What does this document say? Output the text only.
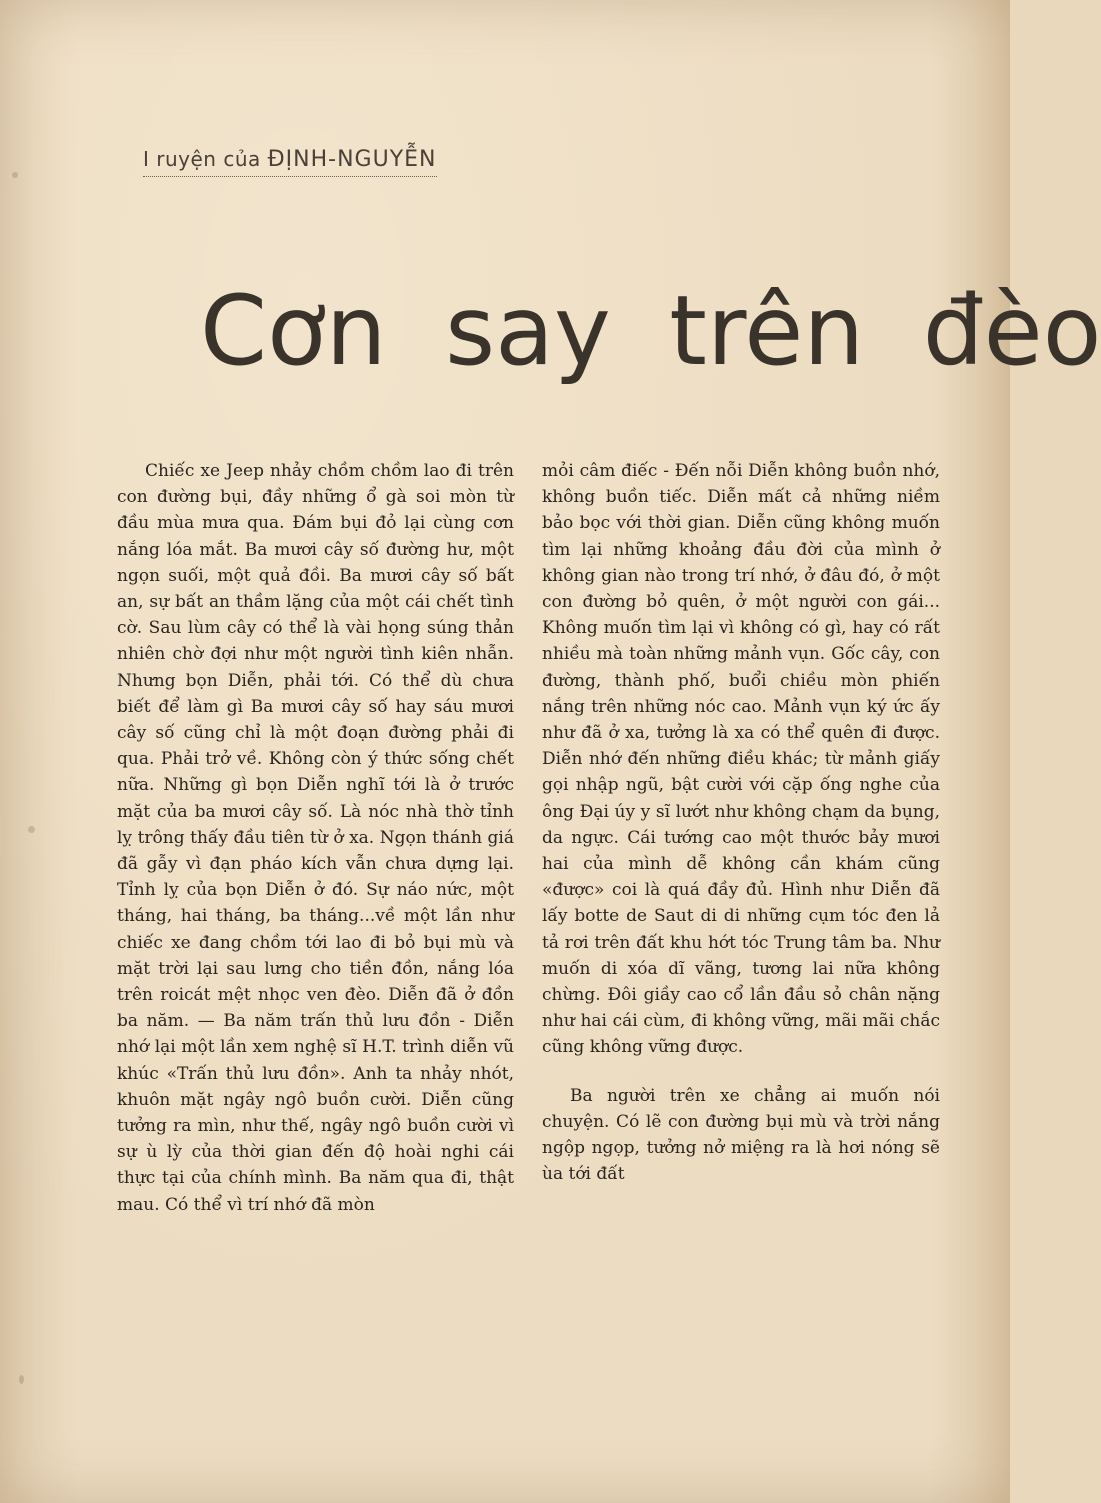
I ruyện của ĐỊNH-NGUYỄN
Cơn say trên đèo

Chiếc xe Jeep nhảy chồm chồm lao đi trên con đường bụi, đầy những ổ gà soi mòn từ đầu mùa mưa qua. Đám bụi đỏ lại cùng cơn nắng lóa mắt. Ba mươi cây số đường hư, một ngọn suối, một quả đồi. Ba mươi cây số bất an, sự bất an thầm lặng của một cái chết tình cờ. Sau lùm cây có thể là vài họng súng thản nhiên chờ đợi như một người tình kiên nhẫn. Nhưng bọn Diễn, phải tới. Có thể dù chưa biết để làm gì Ba mươi cây số hay sáu mươi cây số cũng chỉ là một đoạn đường phải đi qua. Phải trở về. Không còn ý thức sống chết nữa. Những gì bọn Diễn nghĩ tới là ở trước mặt của ba mươi cây số. Là nóc nhà thờ tỉnh lỵ trông thấy đầu tiên từ ở xa. Ngọn thánh giá đã gẫy vì đạn pháo kích vẫn chưa dựng lại. Tỉnh lỵ của bọn Diễn ở đó. Sự náo nức, một tháng, hai tháng, ba tháng...về một lần như chiếc xe đang chồm tới lao đi bỏ bụi mù và mặt trời lại sau lưng cho tiền đồn, nắng lóa trên roicát mệt nhọc ven đèo. Diễn đã ở đồn ba năm. — Ba năm trấn thủ lưu đồn - Diễn nhớ lại một lần xem nghệ sĩ H.T. trình diễn vũ khúc «Trấn thủ lưu đồn». Anh ta nhảy nhót, khuôn mặt ngây ngô buồn cười. Diễn cũng tưởng ra mìn, như thế, ngây ngô buồn cười vì sự ù lỳ của thời gian đến độ hoài nghi cái thực tại của chính mình. Ba năm qua đi, thật mau. Có thể vì trí nhớ đã mòn

mỏi câm điếc - Đến nỗi Diễn không buồn nhớ, không buồn tiếc. Diễn mất cả những niềm bảo bọc với thời gian. Diễn cũng không muốn tìm lại những khoảng đầu đời của mình ở không gian nào trong trí nhớ, ở đâu đó, ở một con đường bỏ quên, ở một người con gái... Không muốn tìm lại vì không có gì, hay có rất nhiều mà toàn những mảnh vụn. Gốc cây, con đường, thành phố, buổi chiều mòn phiến nắng trên những nóc cao. Mảnh vụn ký ức ấy như đã ở xa, tưởng là xa có thể quên đi được. Diễn nhớ đến những điều khác; từ mảnh giấy gọi nhập ngũ, bật cười với cặp ống nghe của ông Đại úy y sĩ lướt như không chạm da bụng, da ngực. Cái tướng cao một thước bảy mươi hai của mình dễ không cần khám cũng «được» coi là quá đầy đủ. Hình như Diễn đã lấy botte de Saut di di những cụm tóc đen lả tả rơi trên đất khu hớt tóc Trung tâm ba. Như muốn di xóa dĩ vãng, tương lai nữa không chừng. Đôi giầy cao cổ lần đầu sỏ chân nặng như hai cái cùm, đi không vững, mãi mãi chắc cũng không vững được.

Ba người trên xe chẳng ai muốn nói chuyện. Có lẽ con đường bụi mù và trời nắng ngộp ngọp, tưởng nở miệng ra là hơi nóng sẽ ùa tới đất
